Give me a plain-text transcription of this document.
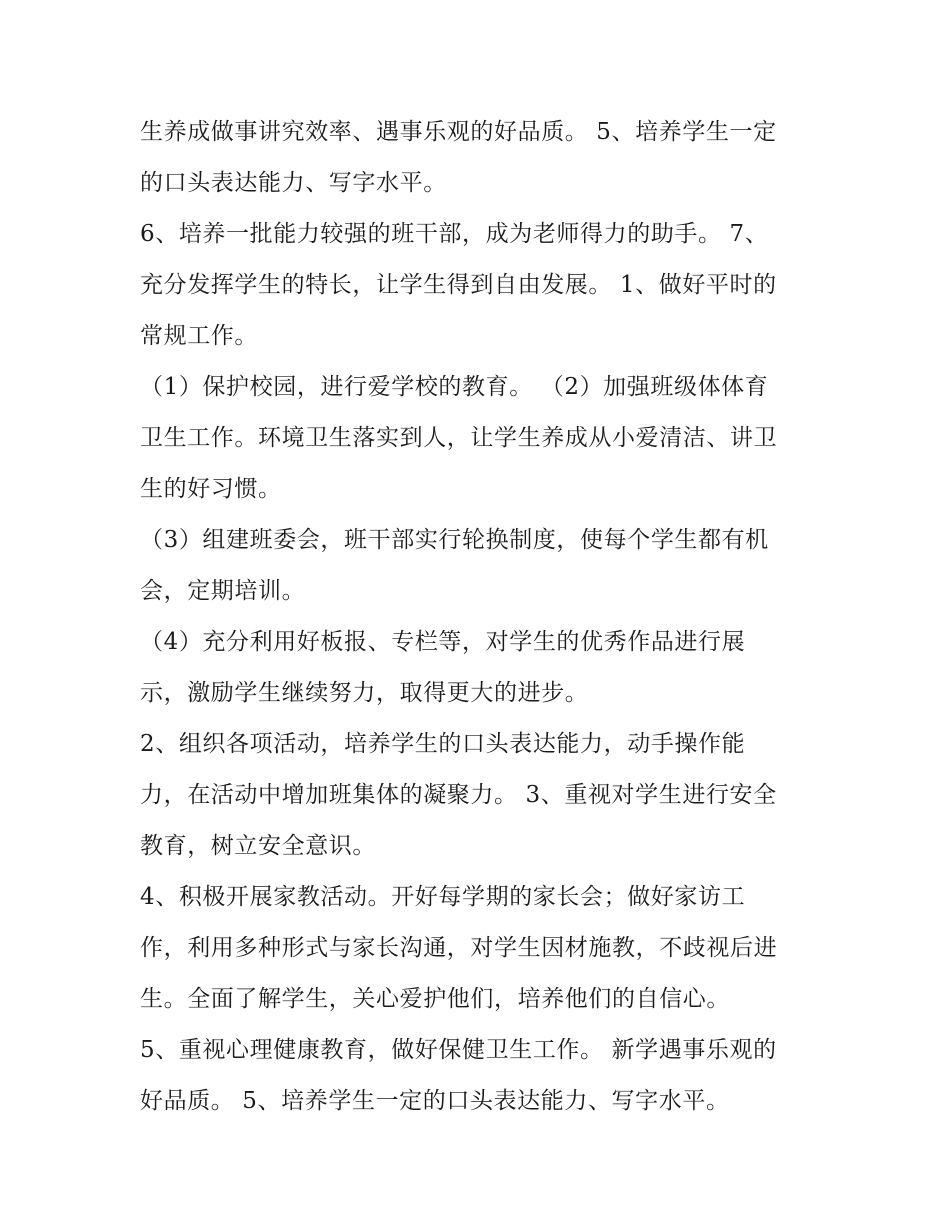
生养成做事讲究效率、遇事乐观的好品质。 5、培养学生一定
的口头表达能力、写字水平。
6、培养一批能力较强的班干部，成为老师得力的助手。 7、
充分发挥学生的特长，让学生得到自由发展。 1、做好平时的
常规工作。
（1）保护校园，进行爱学校的教育。 （2）加强班级体体育
卫生工作。环境卫生落实到人，让学生养成从小爱清洁、讲卫
生的好习惯。
（3）组建班委会，班干部实行轮换制度，使每个学生都有机
会，定期培训。
（4）充分利用好板报、专栏等，对学生的优秀作品进行展
示，激励学生继续努力，取得更大的进步。
2、组织各项活动，培养学生的口头表达能力，动手操作能
力，在活动中增加班集体的凝聚力。 3、重视对学生进行安全
教育，树立安全意识。
4、积极开展家教活动。开好每学期的家长会；做好家访工
作，利用多种形式与家长沟通，对学生因材施教，不歧视后进
生。全面了解学生，关心爱护他们，培养他们的自信心。
5、重视心理健康教育，做好保健卫生工作。 新学遇事乐观的
好品质。 5、培养学生一定的口头表达能力、写字水平。
